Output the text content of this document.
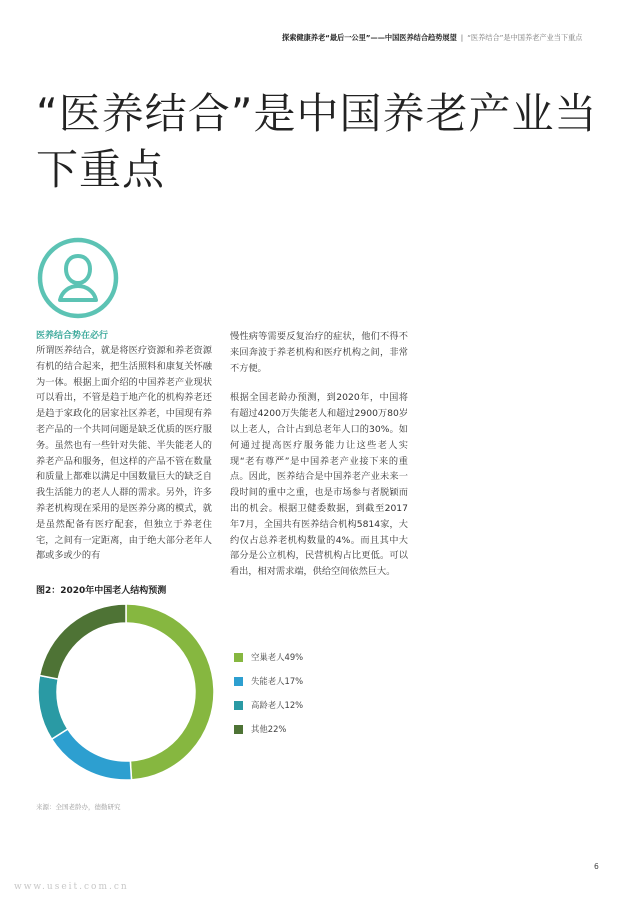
探索健康养老“最后一公里”——中国医养结合趋势展望 | “医养结合”是中国养老产业当下重点
“医养结合”是中国养老产业当下重点
医养结合势在必行

所谓医养结合，就是将医疗资源和养老资源有机的结合起来，把生活照料和康复关怀融为一体。根据上面介绍的中国养老产业现状可以看出，不管是趋于地产化的机构养老还是趋于家政化的居家社区养老，中国现有养老产品的一个共同问题是缺乏优质的医疗服务。虽然也有一些针对失能、半失能老人的养老产品和服务，但这样的产品不管在数量和质量上都难以满足中国数量巨大的缺乏自我生活能力的老人人群的需求。另外，许多养老机构现在采用的是医养分离的模式，就是虽然配备有医疗配套，但独立于养老住宅，之间有一定距离，由于绝大部分老年人都或多或少的有

慢性病等需要反复治疗的症状，他们不得不来回奔波于养老机构和医疗机构之间，非常不方便。

根据全国老龄办预测，到2020年，中国将有超过4200万失能老人和超过2900万80岁以上老人，合计占到总老年人口的30%。如何通过提高医疗服务能力让这些老人实现“老有尊严”是中国养老产业接下来的重点。因此，医养结合是中国养老产业未来一段时间的重中之重，也是市场参与者脱颖而出的机会。根据卫健委数据，到截至2017年7月，全国共有医养结合机构5814家，大约仅占总养老机构数量的4%。而且其中大部分是公立机构，民营机构占比更低。可以看出，相对需求端，供给空间依然巨大。

图2：2020年中国老人结构预测
空巢老人49%
失能老人17%
高龄老人12%
其他22%
来源：全国老龄办，德勤研究
6
www.useit.com.cn
